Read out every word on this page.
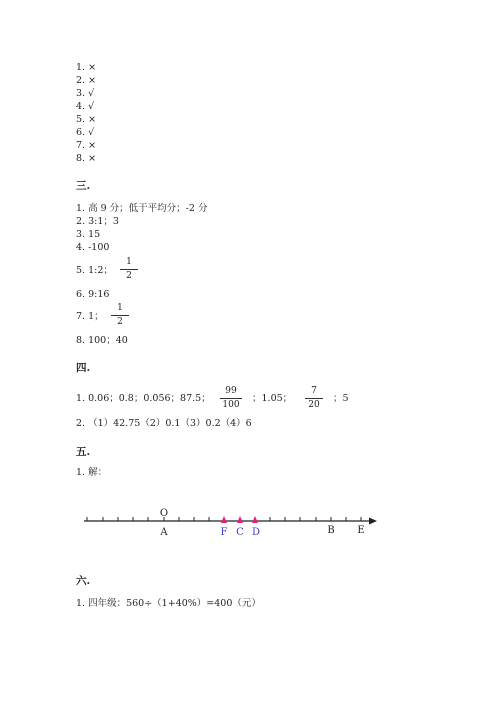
1. ×
2. ×
3. √
4. √
5. ×
6. √
7. ×
8. ×
三.
1. 高 9 分；低于平均分；-2 分
2. 3:1；3
3. 15
4. -100
5. 1:2；
1
2
6. 9:16
7. 1；
1
2
8. 100；40
四.
1. 0.06；0.8；0.056；87.5；
99
100
；1.05；
7
20
；5
2. （1）42.75（2）0.1（3）0.2（4）6
五.
1. 解：
O
A	F C D	B E
六.
1. 四年级：560÷（1+40%）=400（元）
